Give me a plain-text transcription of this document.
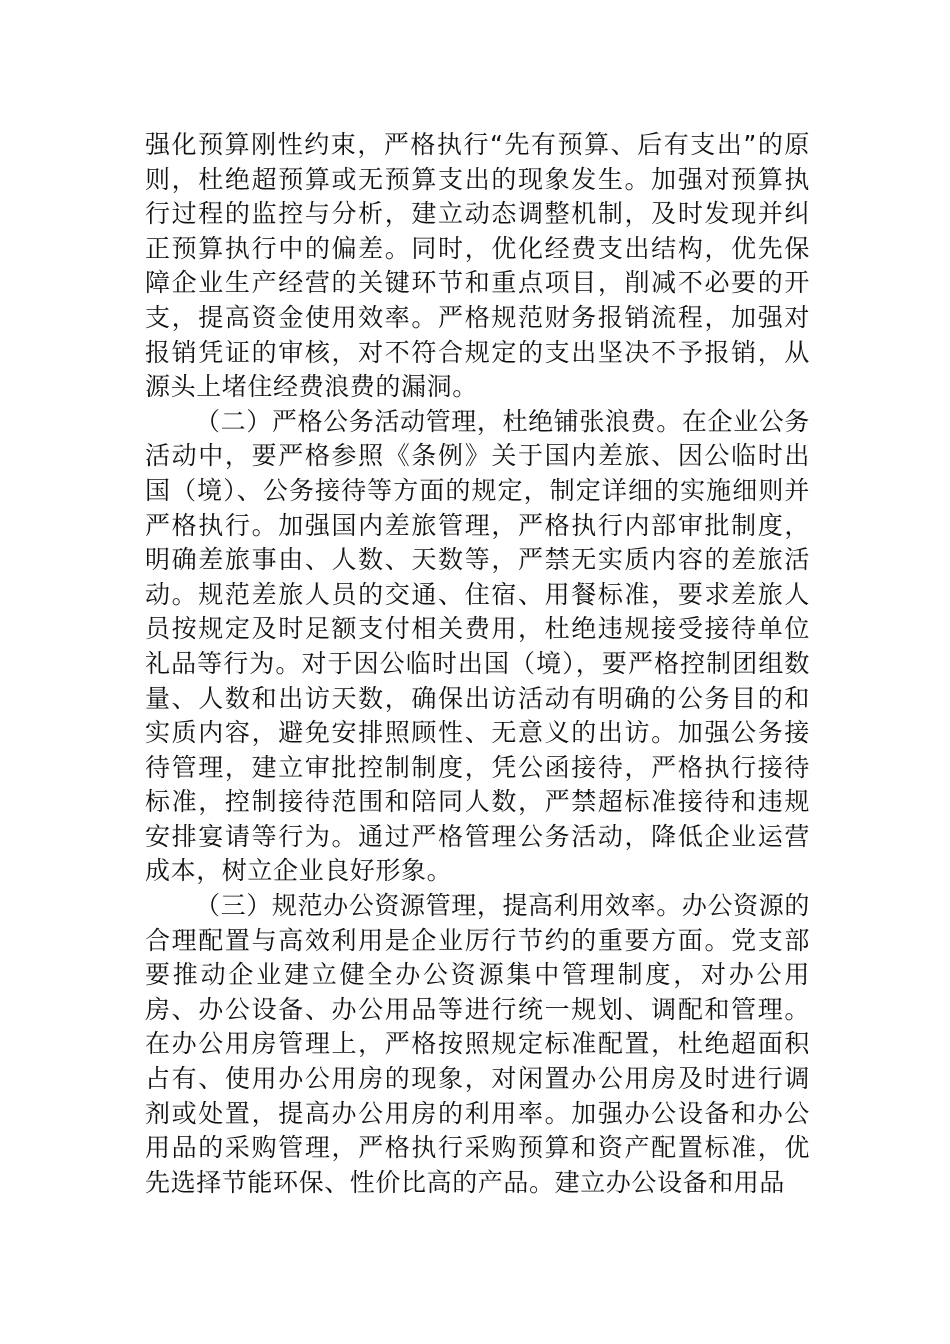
强化预算刚性约束，严格执行“先有预算、后有支出”的原则，杜绝超预算或无预算支出的现象发生。加强对预算执行过程的监控与分析，建立动态调整机制，及时发现并纠正预算执行中的偏差。同时，优化经费支出结构，优先保障企业生产经营的关键环节和重点项目，削减不必要的开支，提高资金使用效率。严格规范财务报销流程，加强对报销凭证的审核，对不符合规定的支出坚决不予报销，从源头上堵住经费浪费的漏洞。

（二）严格公务活动管理，杜绝铺张浪费。在企业公务活动中，要严格参照《条例》关于国内差旅、因公临时出国（境）、公务接待等方面的规定，制定详细的实施细则并严格执行。加强国内差旅管理，严格执行内部审批制度，明确差旅事由、人数、天数等，严禁无实质内容的差旅活动。规范差旅人员的交通、住宿、用餐标准，要求差旅人员按规定及时足额支付相关费用，杜绝违规接受接待单位礼品等行为。对于因公临时出国（境），要严格控制团组数量、人数和出访天数，确保出访活动有明确的公务目的和实质内容，避免安排照顾性、无意义的出访。加强公务接待管理，建立审批控制制度，凭公函接待，严格执行接待标准，控制接待范围和陪同人数，严禁超标准接待和违规安排宴请等行为。通过严格管理公务活动，降低企业运营成本，树立企业良好形象。

（三）规范办公资源管理，提高利用效率。办公资源的合理配置与高效利用是企业厉行节约的重要方面。党支部要推动企业建立健全办公资源集中管理制度，对办公用房、办公设备、办公用品等进行统一规划、调配和管理。在办公用房管理上，严格按照规定标准配置，杜绝超面积占有、使用办公用房的现象，对闲置办公用房及时进行调剂或处置，提高办公用房的利用率。加强办公设备和办公用品的采购管理，严格执行采购预算和资产配置标准，优先选择节能环保、性价比高的产品。建立办公设备和用品
